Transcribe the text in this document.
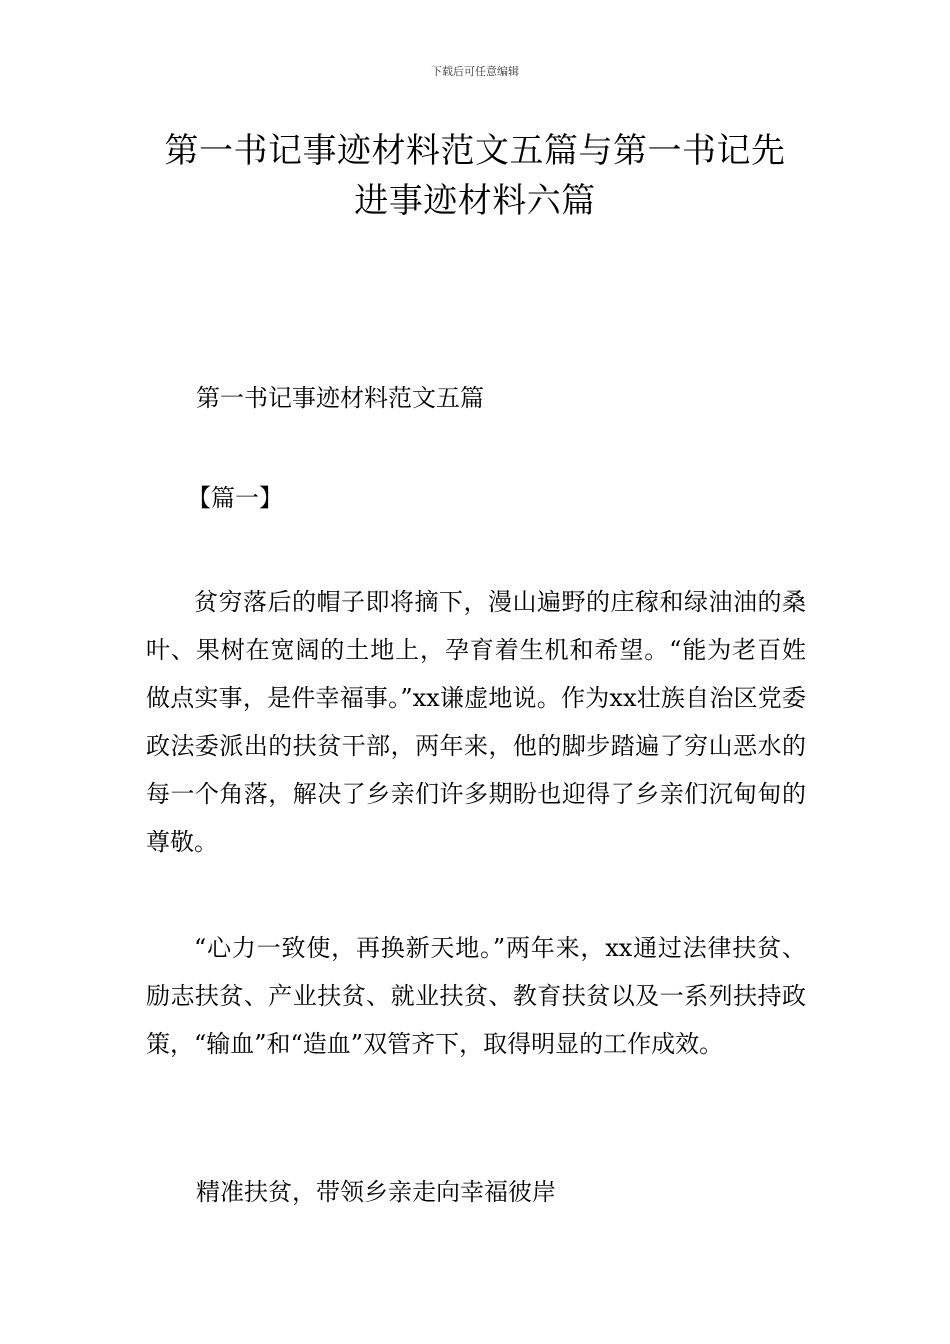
下载后可任意编辑
第一书记事迹材料范文五篇与第一书记先
进事迹材料六篇
第一书记事迹材料范文五篇
【篇一】

贫穷落后的帽子即将摘下，漫山遍野的庄稼和绿油油的桑叶、果树在宽阔的土地上，孕育着生机和希望。“能为老百姓做点实事，是件幸福事。”xx谦虚地说。作为xx壮族自治区党委政法委派出的扶贫干部，两年来，他的脚步踏遍了穷山恶水的每一个角落，解决了乡亲们许多期盼也迎得了乡亲们沉甸甸的尊敬。

“心力一致使，再换新天地。”两年来，xx通过法律扶贫、励志扶贫、产业扶贫、就业扶贫、教育扶贫以及一系列扶持政策，“输血”和“造血”双管齐下，取得明显的工作成效。

精准扶贫，带领乡亲走向幸福彼岸
